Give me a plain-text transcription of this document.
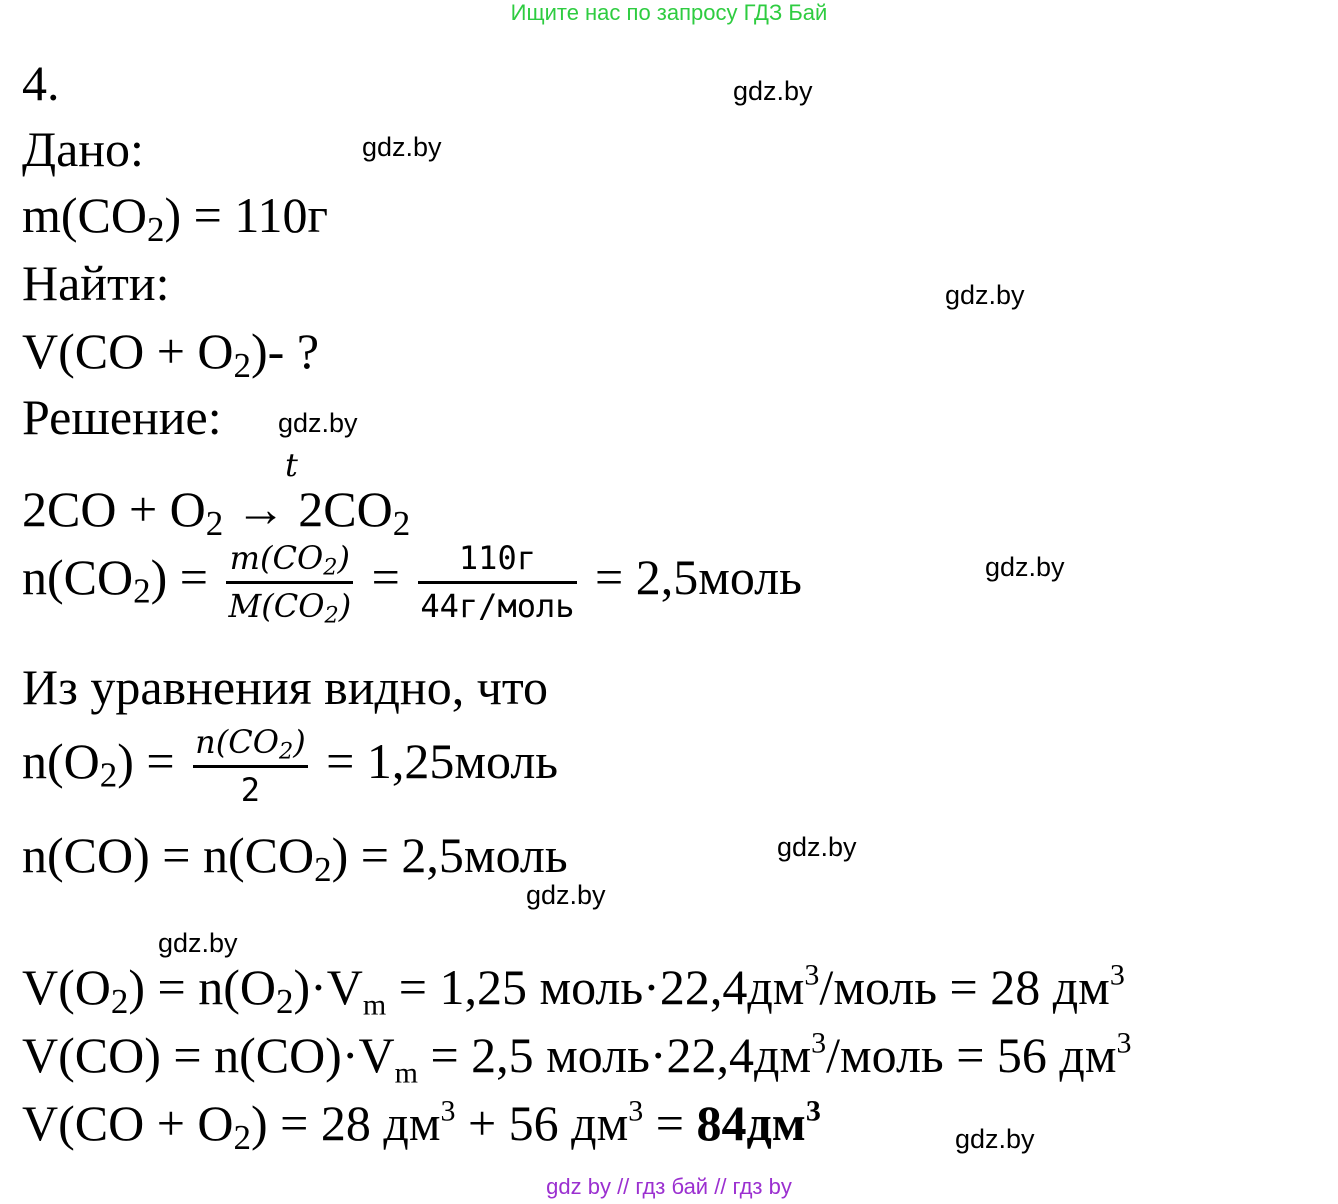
Ищите нас по запросу ГДЗ Бай
gdz.by
gdz.by
gdz.by
gdz.by
gdz.by
gdz.by
gdz.by
gdz.by
gdz.by
4.
Дано:
$m(CO_2) = 110г$
Найти:
$V(CO + O_2)-$ ?
Решение:
t
$2CO + O_2 \to 2CO_2$
$n(CO_2) = \frac{m(CO_2)}{M(CO_2)} = \frac{110г}{\text{44г/моль}}$ = 2,5моль
Из уравнения видно, что
$n(O_2) = \frac{n(CO_2)}{2}$ = 1,25моль
$n(CO) = n(CO_2)$ = 2,5моль
$V(O_2) = n(O_2)\cdot V_m = 1,25$ $моль\cdot 22,4дм^3$/моль = 28 $дм^3$
$V(CO) = n(CO)\cdot V_m = 2,5$ $моль\cdot 22,4дм^3$/моль = 56 $дм^3$
$V(CO + O_2) = 28$ $дм^3 + 56$ $дм^3 = 84дм^3$
gdz by // гдз бай // гдз by
